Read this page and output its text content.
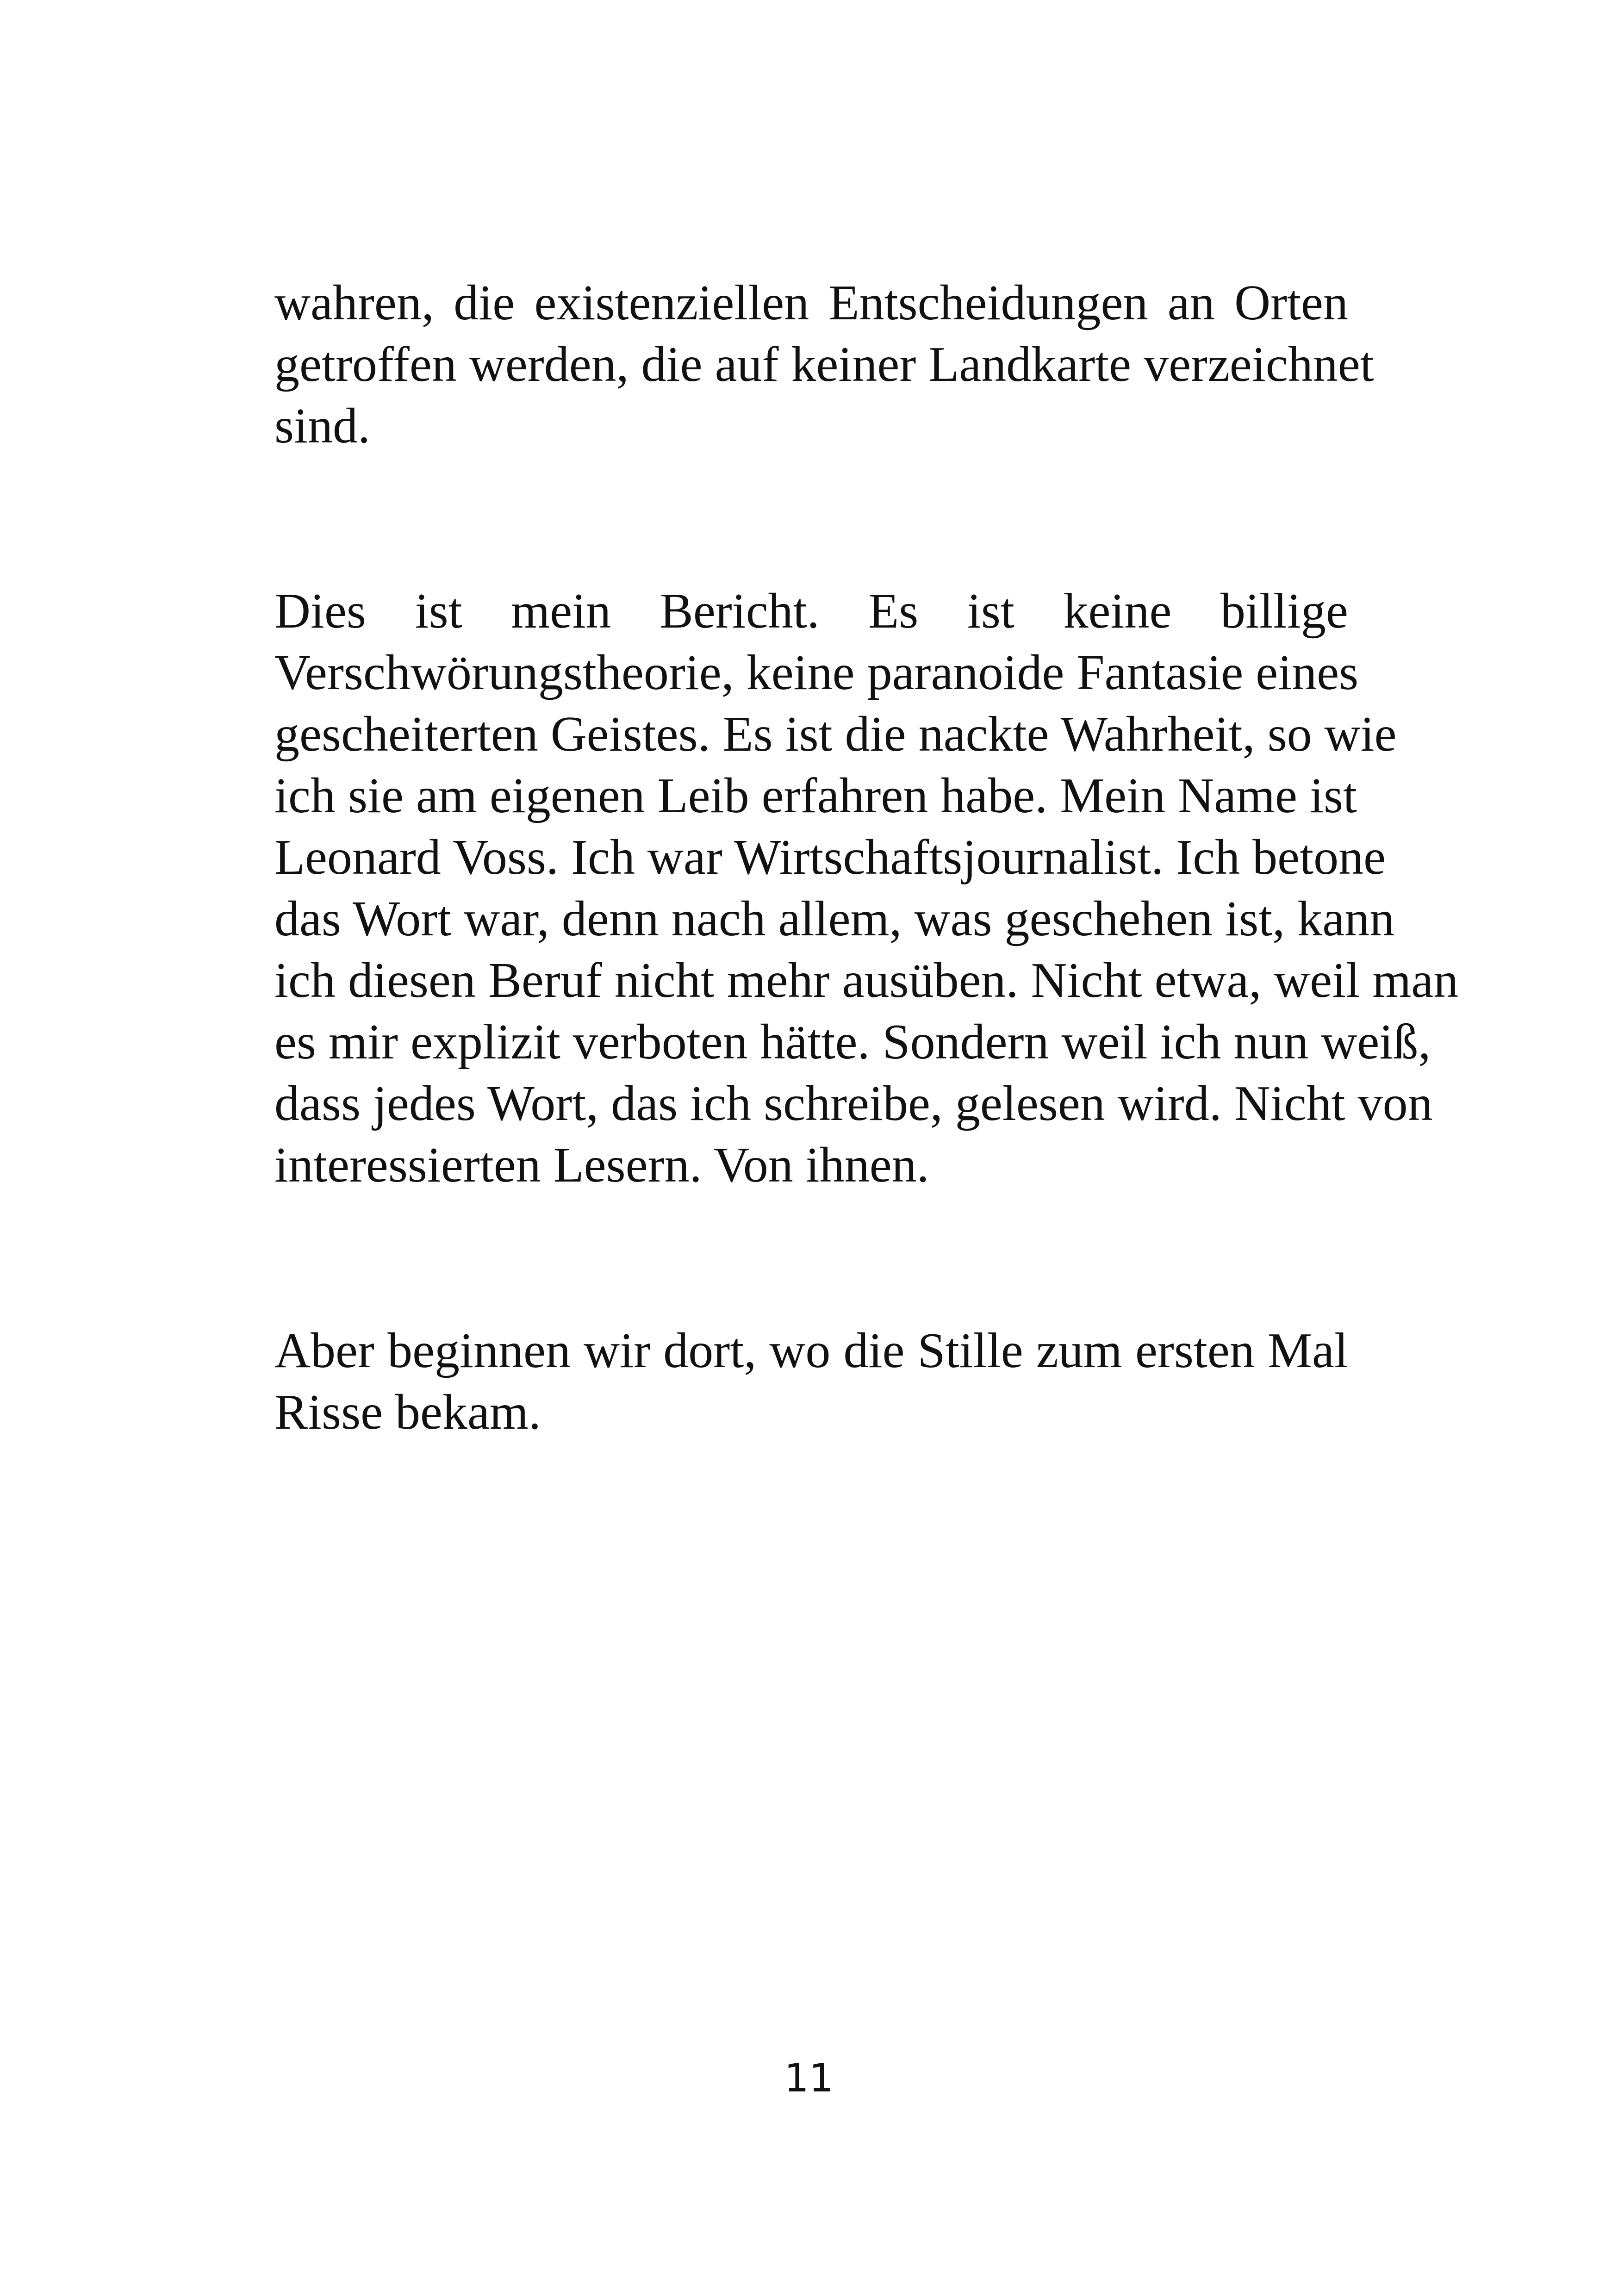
wahren, die existenziellen Entscheidungen an Orten
getroffen werden, die auf keiner Landkarte verzeichnet
sind.
Dies ist mein Bericht. Es ist keine billige
Verschwörungstheorie, keine paranoide Fantasie eines
gescheiterten Geistes. Es ist die nackte Wahrheit, so wie
ich sie am eigenen Leib erfahren habe. Mein Name ist
Leonard Voss. Ich war Wirtschaftsjournalist. Ich betone
das Wort war, denn nach allem, was geschehen ist, kann
ich diesen Beruf nicht mehr ausüben. Nicht etwa, weil man
es mir explizit verboten hätte. Sondern weil ich nun weiß,
dass jedes Wort, das ich schreibe, gelesen wird. Nicht von
interessierten Lesern. Von ihnen.
Aber beginnen wir dort, wo die Stille zum ersten Mal
Risse bekam.
11
